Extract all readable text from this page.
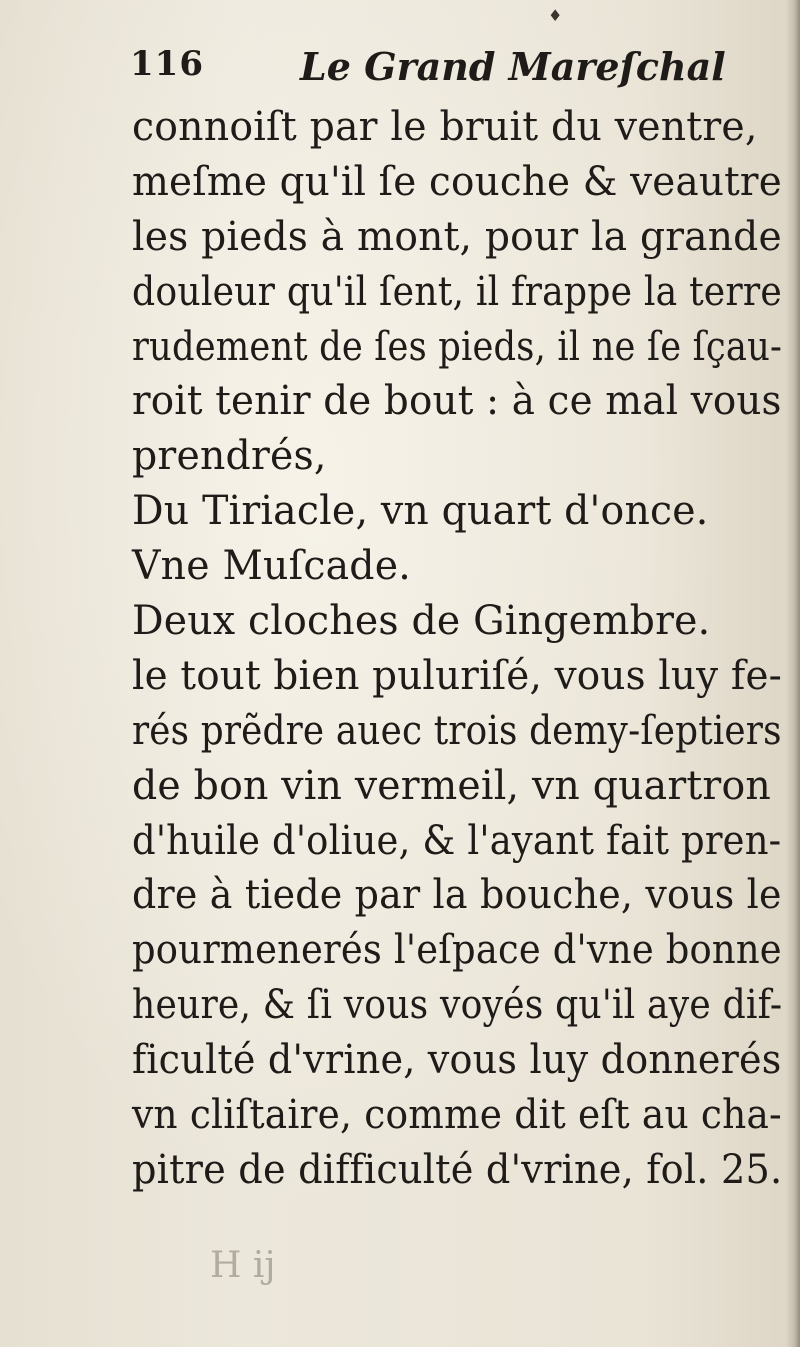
♦
116	Le Grand Mareſchal
connoiſt par le bruit du ventre,
meſme qu'il ſe couche & veautre
les pieds à mont, pour la grande
douleur qu'il ſent, il frappe la terre
rudement de ſes pieds, il ne ſe ſçau-
roit tenir de bout : à ce mal vous
prendrés,
Du Tiriacle, vn quart d'once.
Vne Muſcade.
Deux cloches de Gingembre.
le tout bien puluriſé, vous luy fe-
rés prẽdre auec trois demy-ſeptiers
de bon vin vermeil, vn quartron
d'huile d'oliue, & l'ayant fait pren-
dre à tiede par la bouche, vous le
pourmenerés l'eſpace d'vne bonne
heure, & ſi vous voyés qu'il aye dif-
ficulté d'vrine, vous luy donnerés
vn cliſtaire, comme dit eſt au cha-
pitre de difficulté d'vrine, fol. 25.
H ij
